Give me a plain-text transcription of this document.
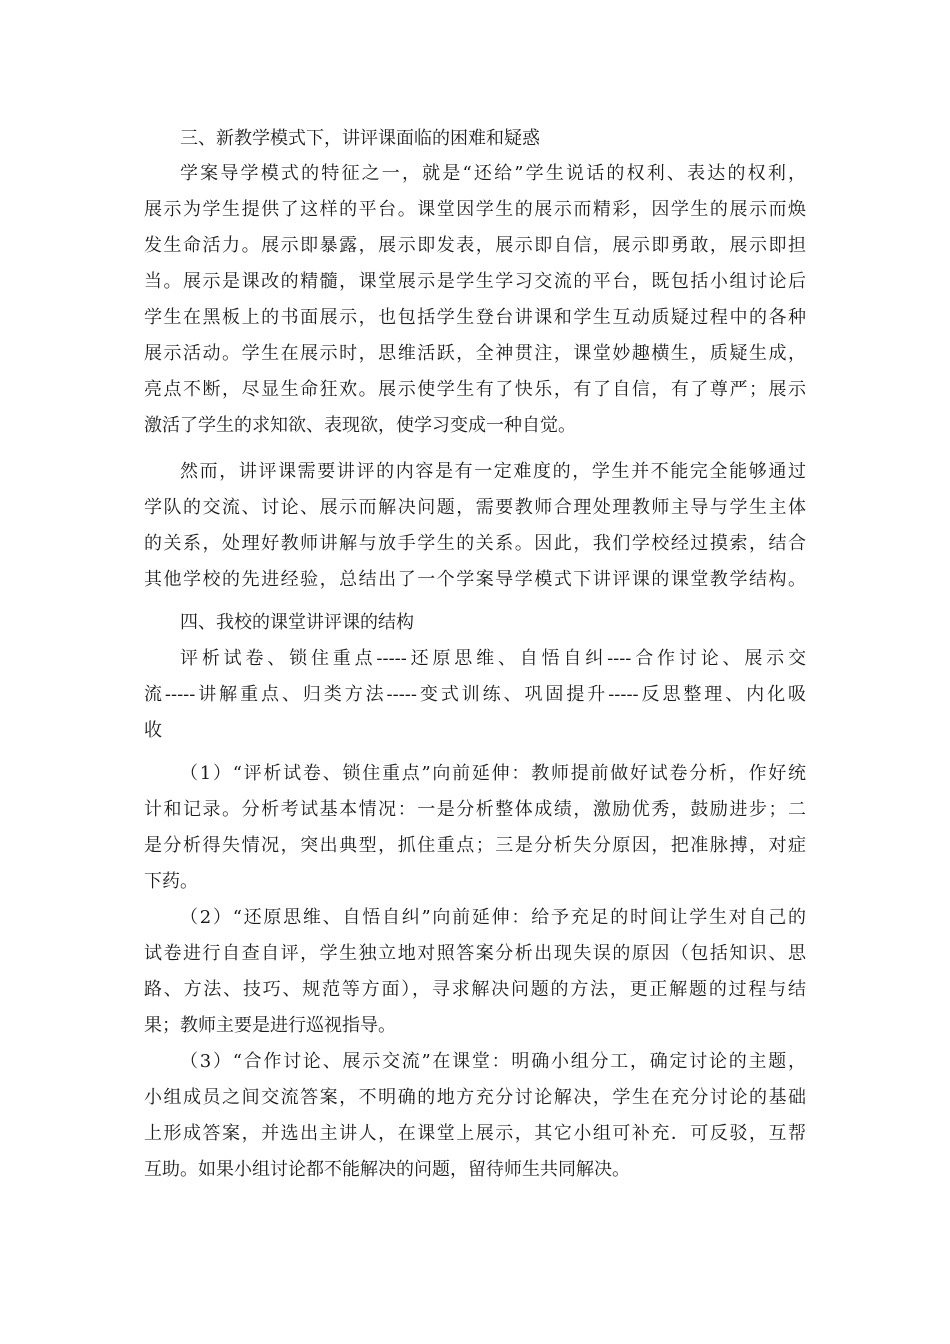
三、新教学模式下，讲评课面临的困难和疑惑
学案导学模式的特征之一，就是“还给”学生说话的权利、表达的权利，
展示为学生提供了这样的平台。课堂因学生的展示而精彩，因学生的展示而焕
发生命活力。展示即暴露，展示即发表，展示即自信，展示即勇敢，展示即担
当。展示是课改的精髓，课堂展示是学生学习交流的平台，既包括小组讨论后
学生在黑板上的书面展示，也包括学生登台讲课和学生互动质疑过程中的各种
展示活动。学生在展示时，思维活跃，全神贯注，课堂妙趣横生，质疑生成，
亮点不断，尽显生命狂欢。展示使学生有了快乐，有了自信，有了尊严；展示
激活了学生的求知欲、表现欲，使学习变成一种自觉。
然而，讲评课需要讲评的内容是有一定难度的，学生并不能完全能够通过
学队的交流、讨论、展示而解决问题，需要教师合理处理教师主导与学生主体
的关系，处理好教师讲解与放手学生的关系。因此，我们学校经过摸索，结合
其他学校的先进经验，总结出了一个学案导学模式下讲评课的课堂教学结构。
四、我校的课堂讲评课的结构
评析试卷、锁住重点-----还原思维、自悟自纠----合作讨论、展示交
流-----讲解重点、归类方法-----变式训练、巩固提升-----反思整理、内化吸
收
（1）“评析试卷、锁住重点”向前延伸：教师提前做好试卷分析，作好统
计和记录。分析考试基本情况：一是分析整体成绩，激励优秀，鼓励进步；二
是分析得失情况，突出典型，抓住重点；三是分析失分原因，把准脉搏，对症
下药。
（2）“还原思维、自悟自纠”向前延伸：给予充足的时间让学生对自己的
试卷进行自查自评，学生独立地对照答案分析出现失误的原因（包括知识、思
路、方法、技巧、规范等方面），寻求解决问题的方法，更正解题的过程与结
果；教师主要是进行巡视指导。
（3）“合作讨论、展示交流”在课堂：明确小组分工，确定讨论的主题，
小组成员之间交流答案，不明确的地方充分讨论解决，学生在充分讨论的基础
上形成答案，并选出主讲人，在课堂上展示，其它小组可补充．可反驳，互帮
互助。如果小组讨论都不能解决的问题，留待师生共同解决。
